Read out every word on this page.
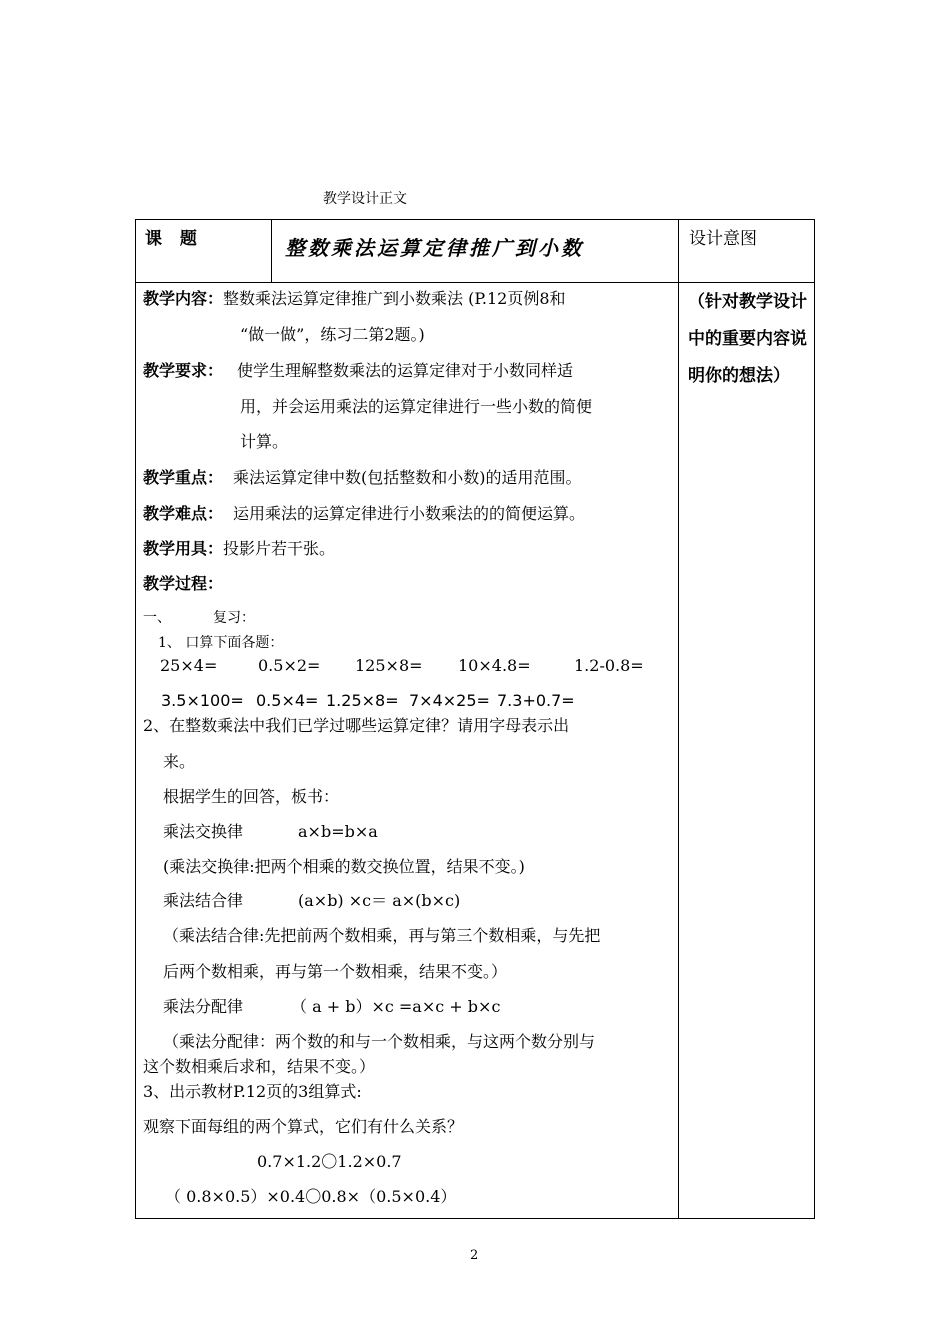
教学设计正文
课 题	整数乘法运算定律推广到小数	设计意图
（针对教学设计中的重要内容说明你的想法）
教学内容：整数乘法运算定律推广到小数乘法 (P.12页例8和
“做一做”，练习二第2题。)
教学要求： 使学生理解整数乘法的运算定律对于小数同样适
用，并会运用乘法的运算定律进行一些小数的简便
计算。
教学重点： 乘法运算定律中数(包括整数和小数)的适用范围。
教学难点： 运用乘法的运算定律进行小数乘法的的简便运算。
教学用具：投影片若干张。
教学过程：
一、	复习：
1、 口算下面各题：
25×4=	0.5×2= 125×8= 10×4.8=	1.2-0.8=
3.5×100= 0.5×4= 1.25×8= 7×4×25= 7.3+0.7=
2、在整数乘法中我们已学过哪些运算定律？请用字母表示出
来。
根据学生的回答，板书：
乘法交换律	a×b=b×a
(乘法交换律:把两个相乘的数交换位置，结果不变。)
乘法结合律	(a×b) ×c＝ a×(b×c)
（乘法结合律:先把前两个数相乘，再与第三个数相乘，与先把
后两个数相乘，再与第一个数相乘，结果不变。）
乘法分配律	（ a + b）×c =a×c + b×c
（乘法分配律：两个数的和与一个数相乘，与这两个数分别与
这个数相乘后求和，结果不变。）
3、出示教材P.12页的3组算式:
观察下面每组的两个算式，它们有什么关系？
0.7×1.2〇1.2×0.7
（ 0.8×0.5）×0.4〇0.8×（0.5×0.4）
2
